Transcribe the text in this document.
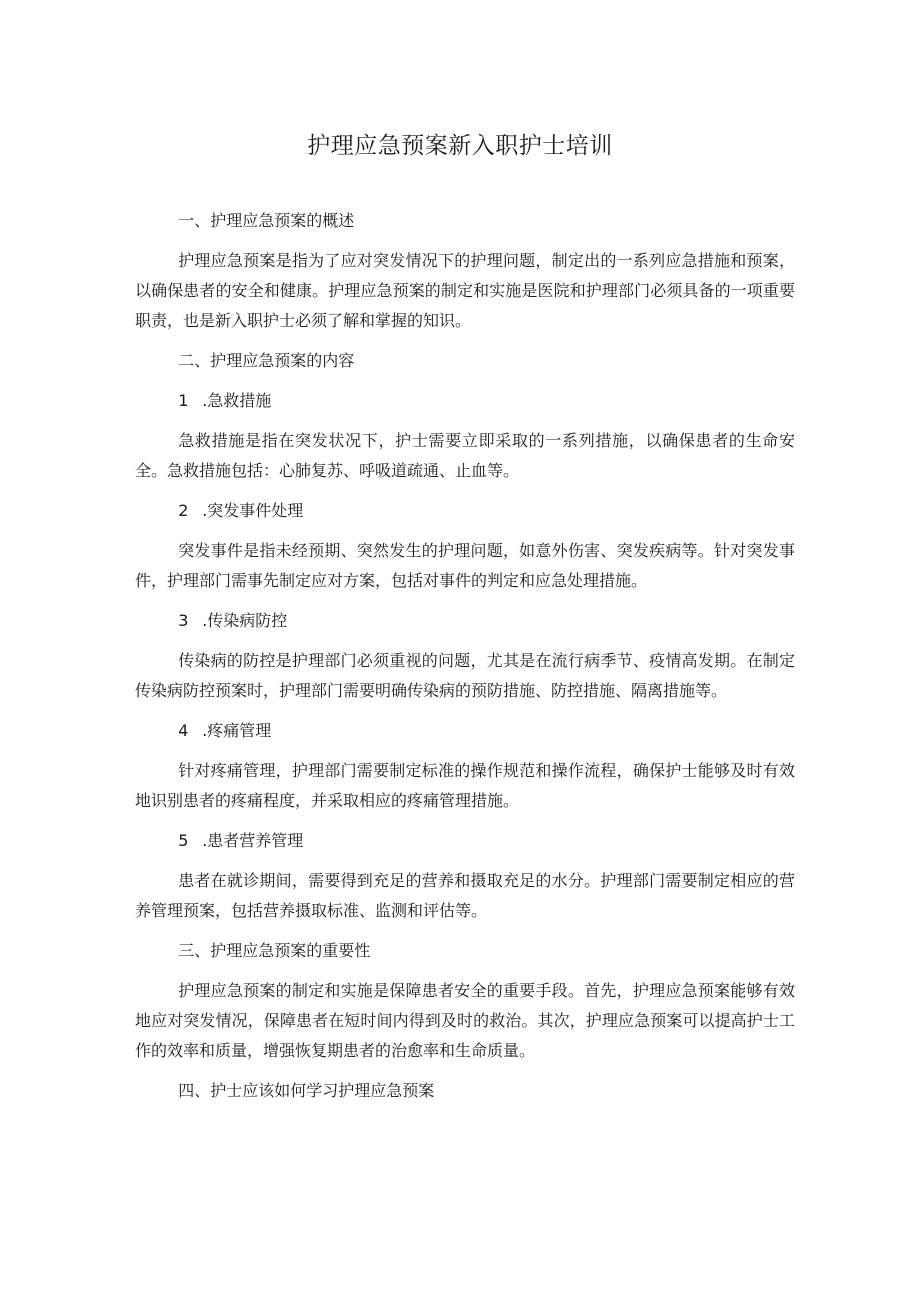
护理应急预案新入职护士培训

一、护理应急预案的概述

护理应急预案是指为了应对突发情况下的护理问题，制定出的一系列应急措施和预案，以确保患者的安全和健康。护理应急预案的制定和实施是医院和护理部门必须具备的一项重要职责，也是新入职护士必须了解和掌握的知识。

二、护理应急预案的内容

1 .急救措施

急救措施是指在突发状况下，护士需要立即采取的一系列措施，以确保患者的生命安全。急救措施包括：心肺复苏、呼吸道疏通、止血等。

2 .突发事件处理

突发事件是指未经预期、突然发生的护理问题，如意外伤害、突发疾病等。针对突发事件，护理部门需事先制定应对方案，包括对事件的判定和应急处理措施。

3 .传染病防控

传染病的防控是护理部门必须重视的问题，尤其是在流行病季节、疫情高发期。在制定传染病防控预案时，护理部门需要明确传染病的预防措施、防控措施、隔离措施等。

4 .疼痛管理

针对疼痛管理，护理部门需要制定标准的操作规范和操作流程，确保护士能够及时有效地识别患者的疼痛程度，并采取相应的疼痛管理措施。

5 .患者营养管理

患者在就诊期间，需要得到充足的营养和摄取充足的水分。护理部门需要制定相应的营养管理预案，包括营养摄取标准、监测和评估等。

三、护理应急预案的重要性

护理应急预案的制定和实施是保障患者安全的重要手段。首先，护理应急预案能够有效地应对突发情况，保障患者在短时间内得到及时的救治。其次，护理应急预案可以提高护士工作的效率和质量，增强恢复期患者的治愈率和生命质量。

四、护士应该如何学习护理应急预案
